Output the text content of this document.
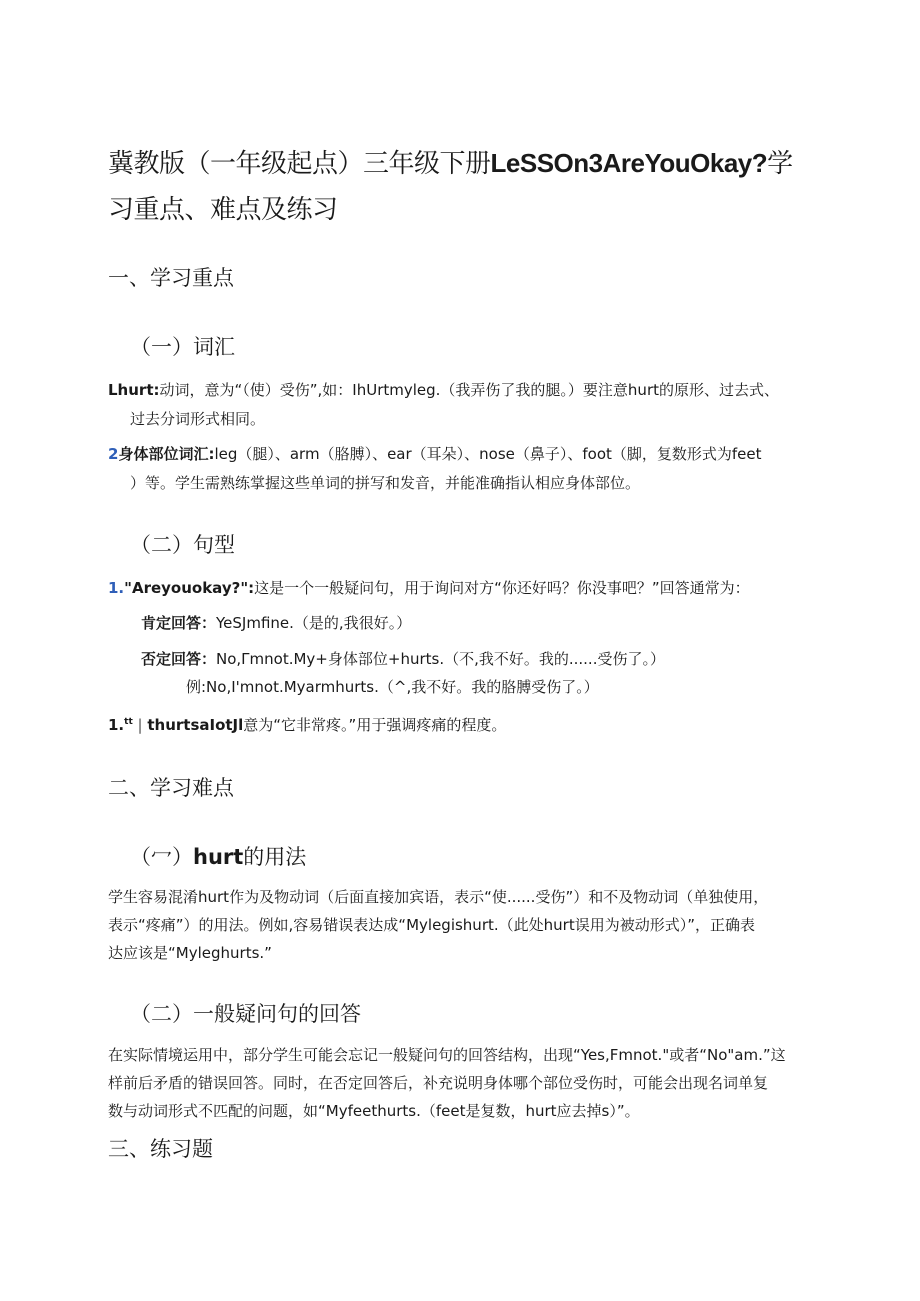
冀教版（一年级起点）三年级下册LeSSOn3AreYouOkay?学习重点、难点及练习
一、学习重点
（一）词汇

Lhurt:动词，意为“（使）受伤”,如：IhUrtmyleg.（我弄伤了我的腿。）要注意hurt的原形、过去式、

过去分词形式相同。

2身体部位词汇:leg（腿）、arm（胳膊）、ear（耳朵）、nose（鼻子）、foot（脚，复数形式为feet

）等。学生需熟练掌握这些单词的拼写和发音，并能准确指认相应身体部位。

（二）句型

1."Areyouokay?":这是一个一般疑问句，用于询问对方“你还好吗？你没事吧？”回答通常为：

肯定回答：YeSJmfine.（是的,我很好。）

否定回答：No,Γmnot.My+身体部位+hurts.（不,我不好。我的......受伤了。）

例:No,I'mnot.Myarmhurts.（^,我不好。我的胳膊受伤了。）

1.$^{tt}$ | thurtsaIotJl意为“它非常疼。”用于强调疼痛的程度。

二、学习难点
（冖）hurt的用法

学生容易混淆hurt作为及物动词（后面直接加宾语，表示“使......受伤”）和不及物动词（单独使用，

表示“疼痛”）的用法。例如,容易错误表达成“Mylegishurt.（此处hurt误用为被动形式）”，正确表

达应该是“Myleghurts.”

（二）一般疑问句的回答

在实际情境运用中，部分学生可能会忘记一般疑问句的回答结构，出现“Yes,Fmnot."或者“No"am.”这

样前后矛盾的错误回答。同时，在否定回答后，补充说明身体哪个部位受伤时，可能会出现名词单复

数与动词形式不匹配的问题，如“Myfeethurts.（feet是复数，hurt应去掉s）”。

三、练习题
